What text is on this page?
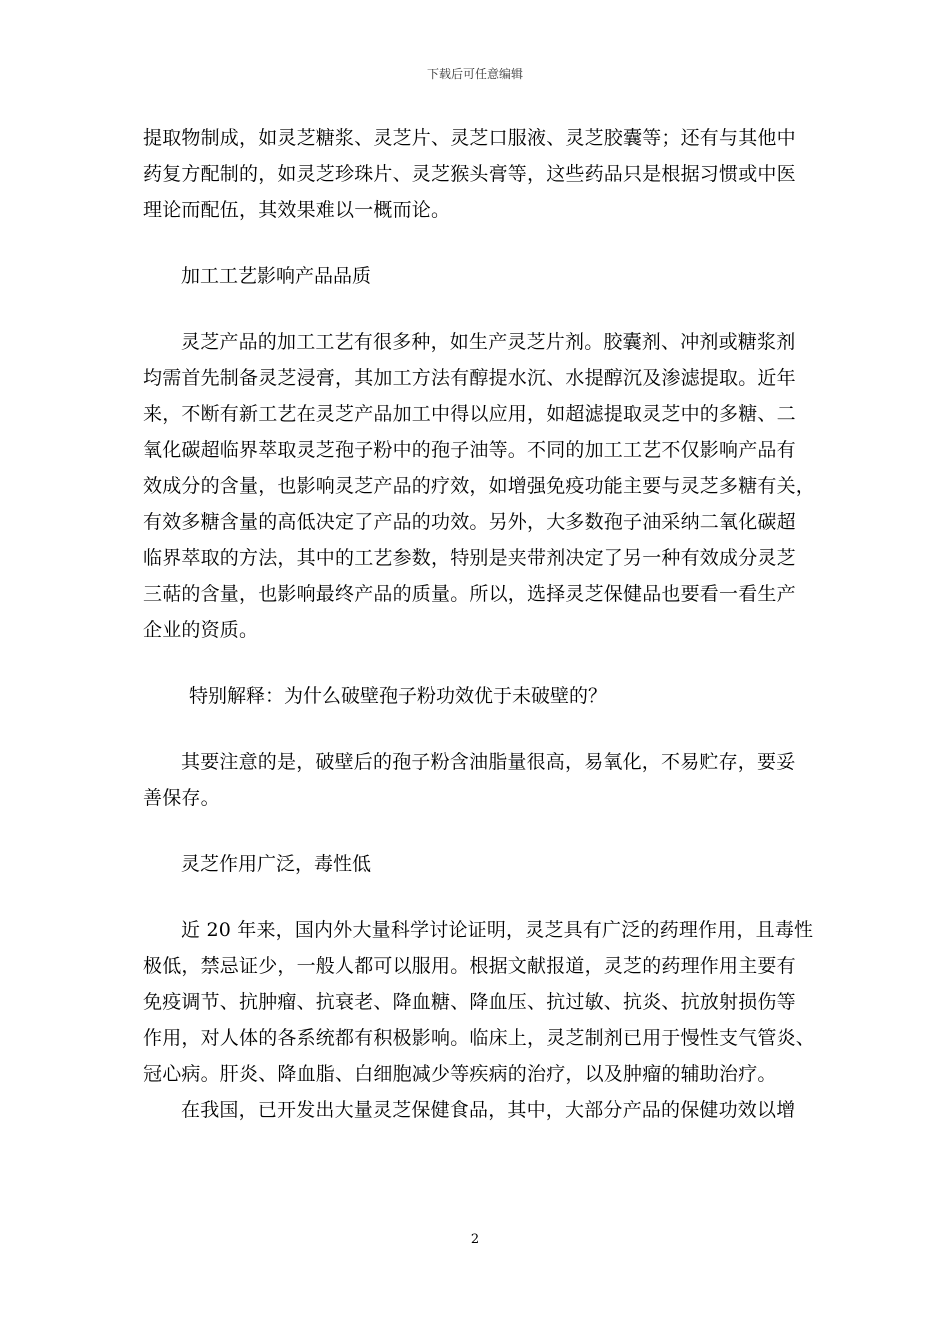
下载后可任意编辑
提取物制成，如灵芝糖浆、灵芝片、灵芝口服液、灵芝胶囊等；还有与其他中
药复方配制的，如灵芝珍珠片、灵芝猴头膏等，这些药品只是根据习惯或中医
理论而配伍，其效果难以一概而论。
加工工艺影响产品品质
灵芝产品的加工工艺有很多种，如生产灵芝片剂。胶囊剂、冲剂或糖浆剂
均需首先制备灵芝浸膏，其加工方法有醇提水沉、水提醇沉及渗滤提取。近年
来，不断有新工艺在灵芝产品加工中得以应用，如超滤提取灵芝中的多糖、二
氧化碳超临界萃取灵芝孢子粉中的孢子油等。不同的加工工艺不仅影响产品有
效成分的含量，也影响灵芝产品的疗效，如增强免疫功能主要与灵芝多糖有关，
有效多糖含量的高低决定了产品的功效。另外，大多数孢子油采纳二氧化碳超
临界萃取的方法，其中的工艺参数，特别是夹带剂决定了另一种有效成分灵芝
三萜的含量，也影响最终产品的质量。所以，选择灵芝保健品也要看一看生产
企业的资质。
特别解释：为什么破壁孢子粉功效优于未破壁的？
其要注意的是，破壁后的孢子粉含油脂量很高，易氧化，不易贮存，要妥
善保存。
灵芝作用广泛，毒性低
近 20 年来，国内外大量科学讨论证明，灵芝具有广泛的药理作用，且毒性
极低，禁忌证少，一般人都可以服用。根据文献报道，灵芝的药理作用主要有
免疫调节、抗肿瘤、抗衰老、降血糖、降血压、抗过敏、抗炎、抗放射损伤等
作用，对人体的各系统都有积极影响。临床上，灵芝制剂已用于慢性支气管炎、
冠心病。肝炎、降血脂、白细胞减少等疾病的治疗，以及肿瘤的辅助治疗。
在我国，已开发出大量灵芝保健食品，其中，大部分产品的保健功效以增
2
